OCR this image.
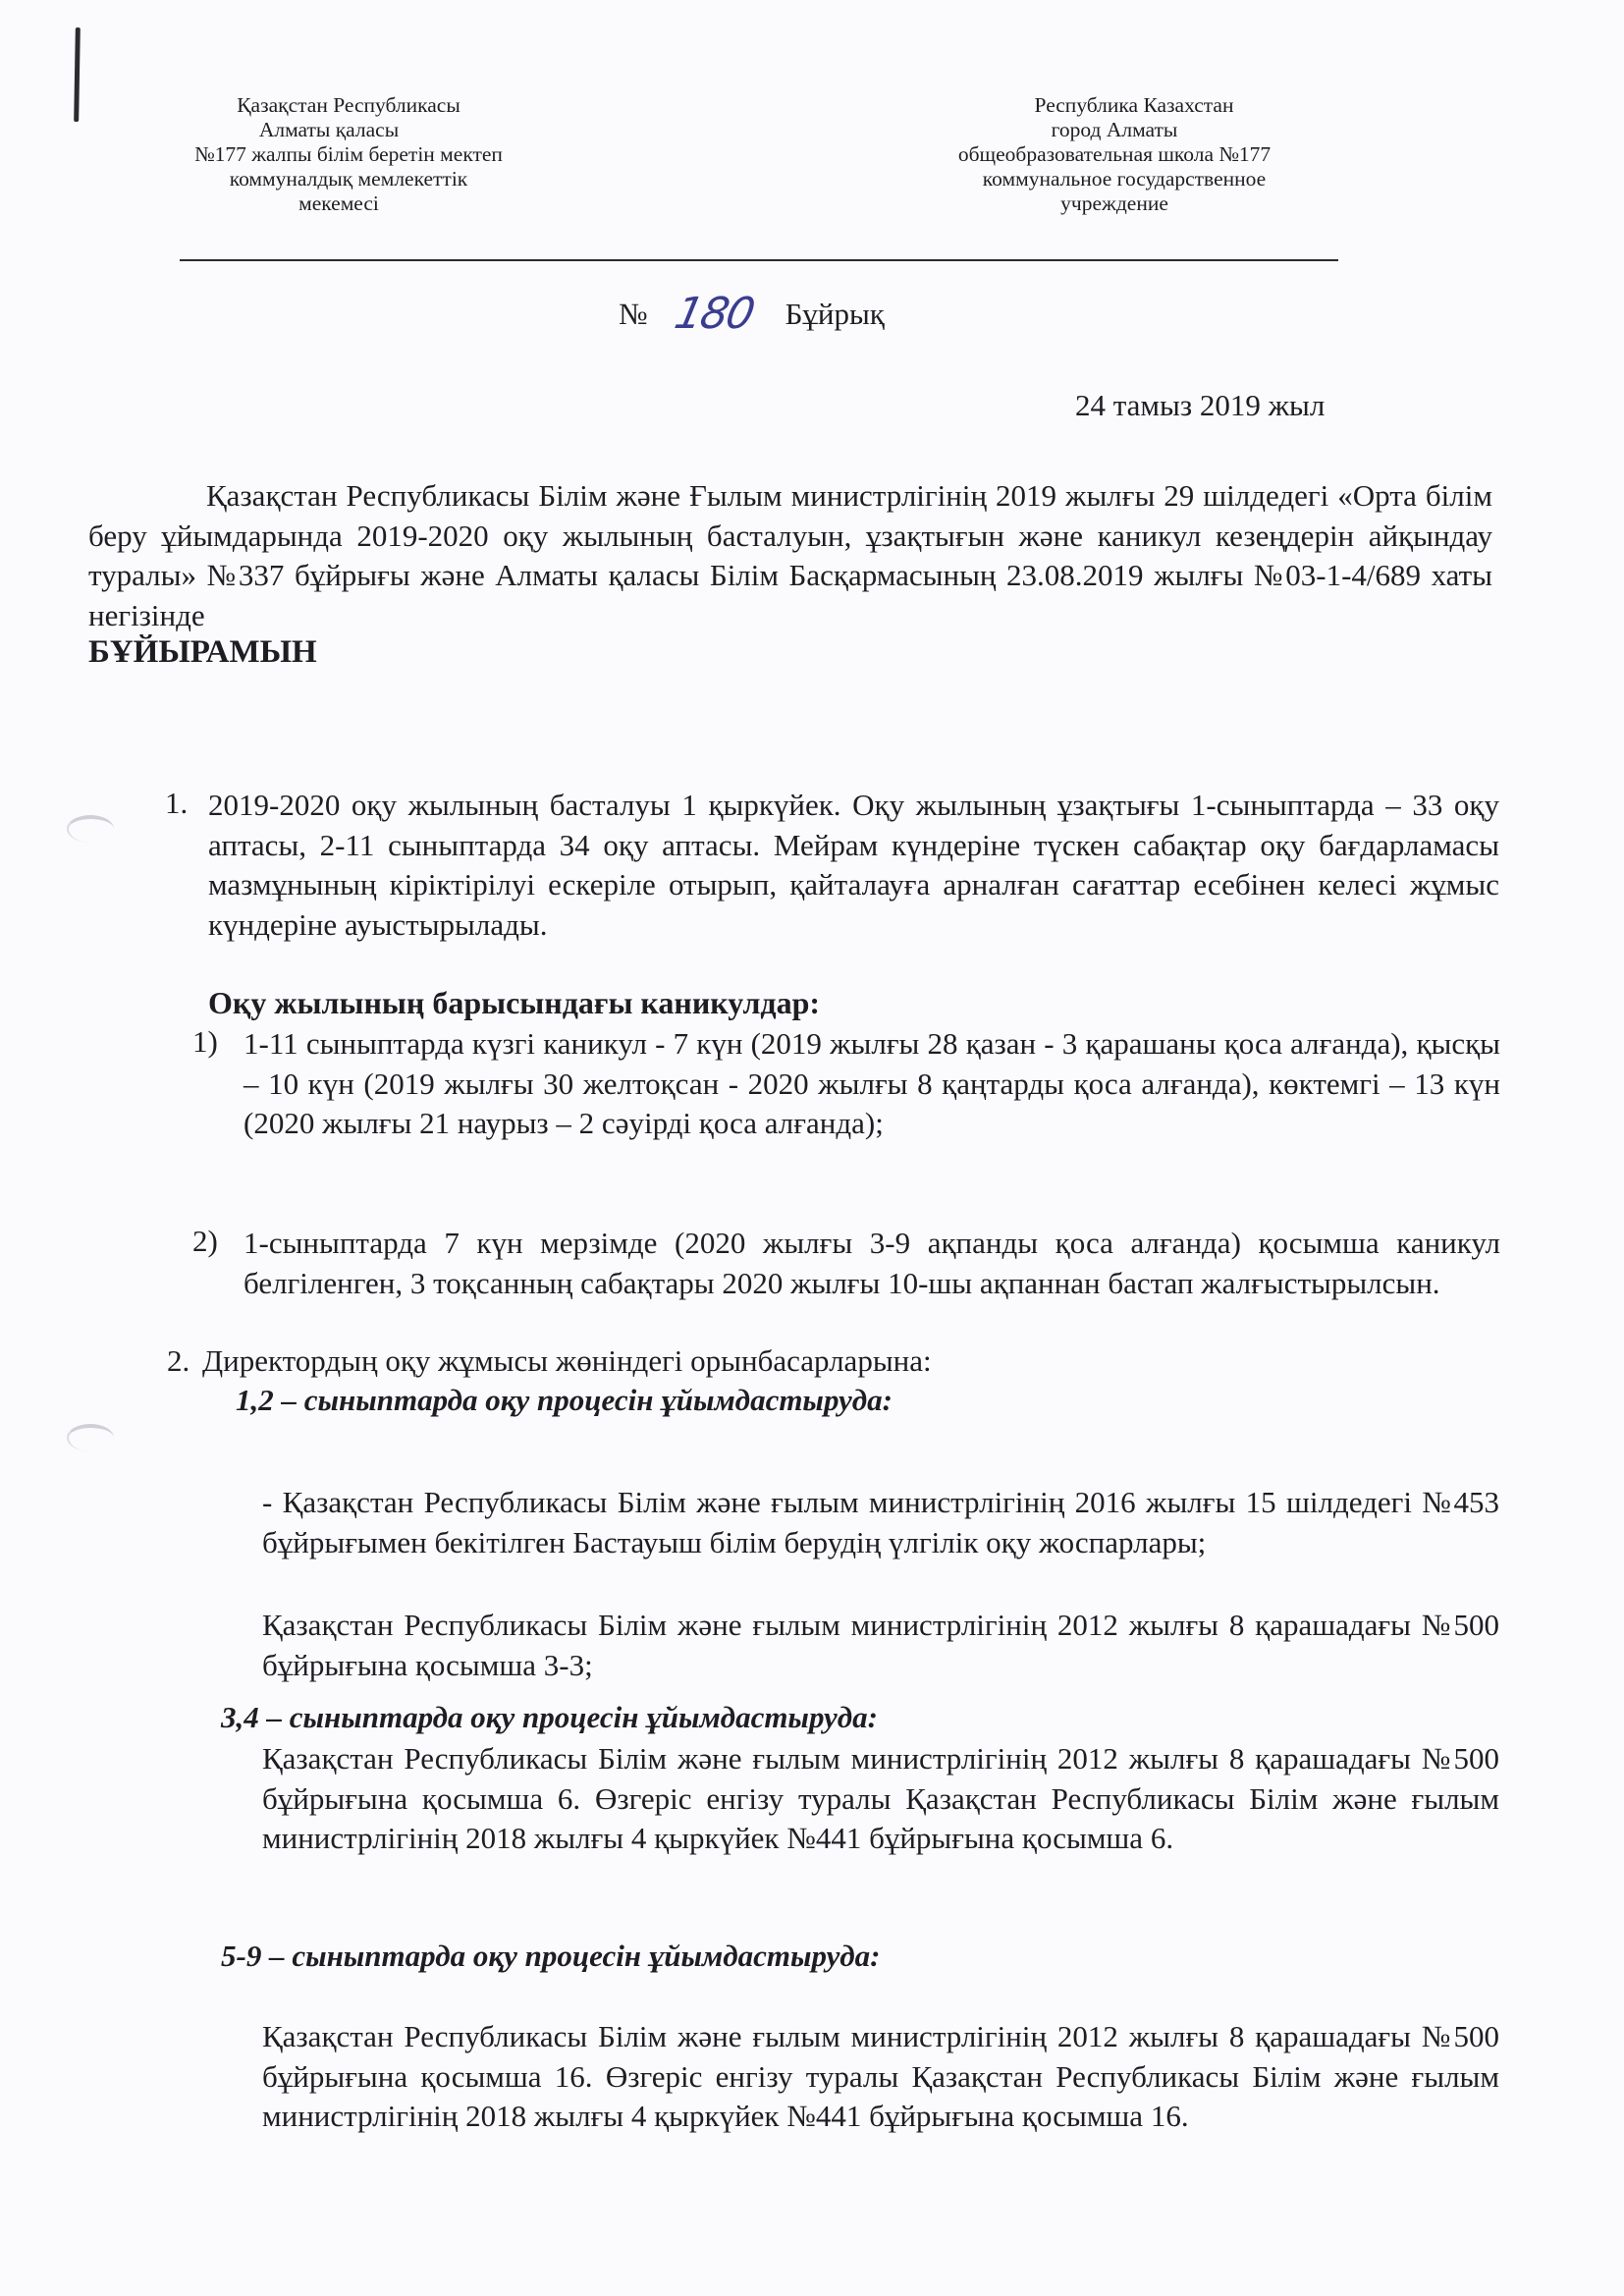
Қазақстан Республикасы
Алматы қаласы
№177 жалпы білім беретін мектеп
коммуналдық мемлекеттік
мекемесі
Республика Казахстан
город Алматы
общеобразовательная школа №177
коммунальное государственное
учреждение
№ 180 Бұйрық
24 тамыз 2019 жыл
Қазақстан Республикасы Білім және Ғылым министрлігінің 2019 жылғы 29 шілдедегі «Орта білім беру ұйымдарында 2019-2020 оқу жылының басталуын, ұзақтығын және каникул кезеңдерін айқындау туралы» №337 бұйрығы және Алматы қаласы Білім Басқармасының 23.08.2019 жылғы №03-1-4/689 хаты негізінде
БҰЙЫРАМЫН
1. 2019-2020 оқу жылының басталуы 1 қыркүйек. Оқу жылының ұзақтығы 1-сыныптарда – 33 оқу аптасы, 2-11 сыныптарда 34 оқу аптасы. Мейрам күндеріне түскен сабақтар оқу бағдарламасы мазмұнының кіріктірілуі ескеріле отырып, қайталауға арналған сағаттар есебінен келесі жұмыс күндеріне ауыстырылады.
Оқу жылының барысындағы каникулдар:
1) 1-11 сыныптарда күзгі каникул - 7 күн (2019 жылғы 28 қазан - 3 қарашаны қоса алғанда), қысқы – 10 күн (2019 жылғы 30 желтоқсан - 2020 жылғы 8 қаңтарды қоса алғанда), көктемгі – 13 күн (2020 жылғы 21 наурыз – 2 сәуірді қоса алғанда);
2) 1-сыныптарда 7 күн мерзімде (2020 жылғы 3-9 ақпанды қоса алғанда) қосымша каникул белгіленген, 3 тоқсанның сабақтары 2020 жылғы 10-шы ақпаннан бастап жалғыстырылсын.
2. Директордың оқу жұмысы жөніндегі орынбасарларына:
1,2 – сыныптарда оқу процесін ұйымдастыруда:
- Қазақстан Республикасы Білім және ғылым министрлігінің 2016 жылғы 15 шілдедегі №453 бұйрығымен бекітілген Бастауыш білім берудің үлгілік оқу жоспарлары;
Қазақстан Республикасы Білім және ғылым министрлігінің 2012 жылғы 8 қарашадағы №500 бұйрығына қосымша 3-3;
3,4 – сыныптарда оқу процесін ұйымдастыруда:
Қазақстан Республикасы Білім және ғылым министрлігінің 2012 жылғы 8 қарашадағы №500 бұйрығына қосымша 6. Өзгеріс енгізу туралы Қазақстан Республикасы Білім және ғылым министрлігінің 2018 жылғы 4 қыркүйек №441 бұйрығына қосымша 6.
5-9 – сыныптарда оқу процесін ұйымдастыруда:
Қазақстан Республикасы Білім және ғылым министрлігінің 2012 жылғы 8 қарашадағы №500 бұйрығына қосымша 16. Өзгеріс енгізу туралы Қазақстан Республикасы Білім және ғылым министрлігінің 2018 жылғы 4 қыркүйек №441 бұйрығына қосымша 16.
